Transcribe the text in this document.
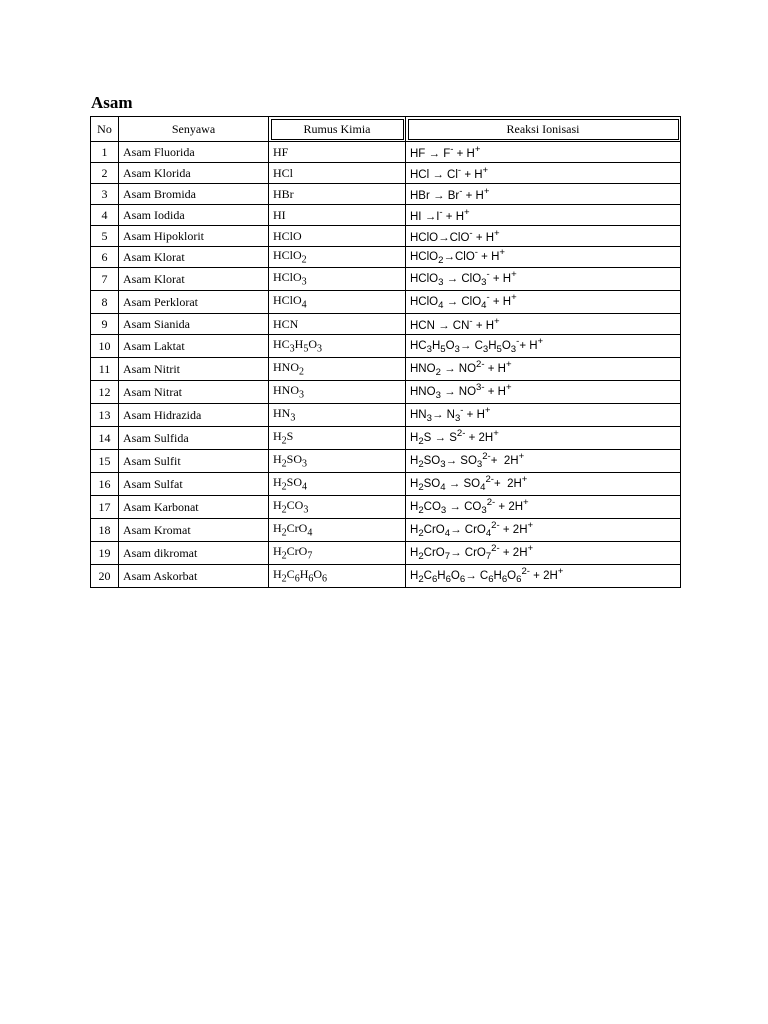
Asam
No	Senyawa	Rumus Kimia	Reaksi Ionisasi
1	Asam Fluorida	HF	HF → F- + H+
2	Asam Klorida	HCl	HCl → Cl- + H+
3	Asam Bromida	HBr	HBr → Br- + H+
4	Asam Iodida	HI	HI →I- + H+
5	Asam Hipoklorit	HClO	HClO→ClO- + H+
6	Asam Klorat	HClO$_2$	HClO$_2$→ClO- + H+
7	Asam Klorat	HClO$_3$	HClO$_3$ → ClO$_3$- + H+
8	Asam Perklorat	HClO$_4$	HClO$_4$ → ClO$_4$- + H+
9	Asam Sianida	HCN	HCN → CN- + H+
10	Asam Laktat	$HC_3H_5O_3$	$HC_3H_5O_3\to C_3H_5O_3^-+ H^+$
11	Asam Nitrit	$HNO_2$	$HNO_2 \to NO^{2-} + H^+$
12	Asam Nitrat	$HNO_3$	$HNO_3 \to NO^{3-} + H^+$
13	Asam Hidrazida	$HN_3$	$HN_3\to N_3^- + H^+$
14	Asam Sulfida	$H_2S$	$H_2S \to S^{2-} + 2H^+$
15	Asam Sulfit	$H_2SO_3$	$H_2SO_3\to SO_3^{2-}+ 2H^+$
16	Asam Sulfat	$H_2SO_4$	$H_2SO_4 \to SO_4^{2-}+ 2H^+$
17	Asam Karbonat	$H_2CO_3$	$H_2CO_3 \to CO_3^{2-} + 2H^+$
18	Asam Kromat	$H_2CrO_4$	$H_2CrO_4\to CrO_4^{2-} + 2H^+$
19	Asam dikromat	$H_2CrO_7$	$H_2CrO_7\to CrO_7^{2-} + 2H^+$
20	Asam Askorbat	$H_2C_6H_6O_6$	$H_2C_6H_6O_6\to C_6H_6O_6^{2-} + 2H^+$
